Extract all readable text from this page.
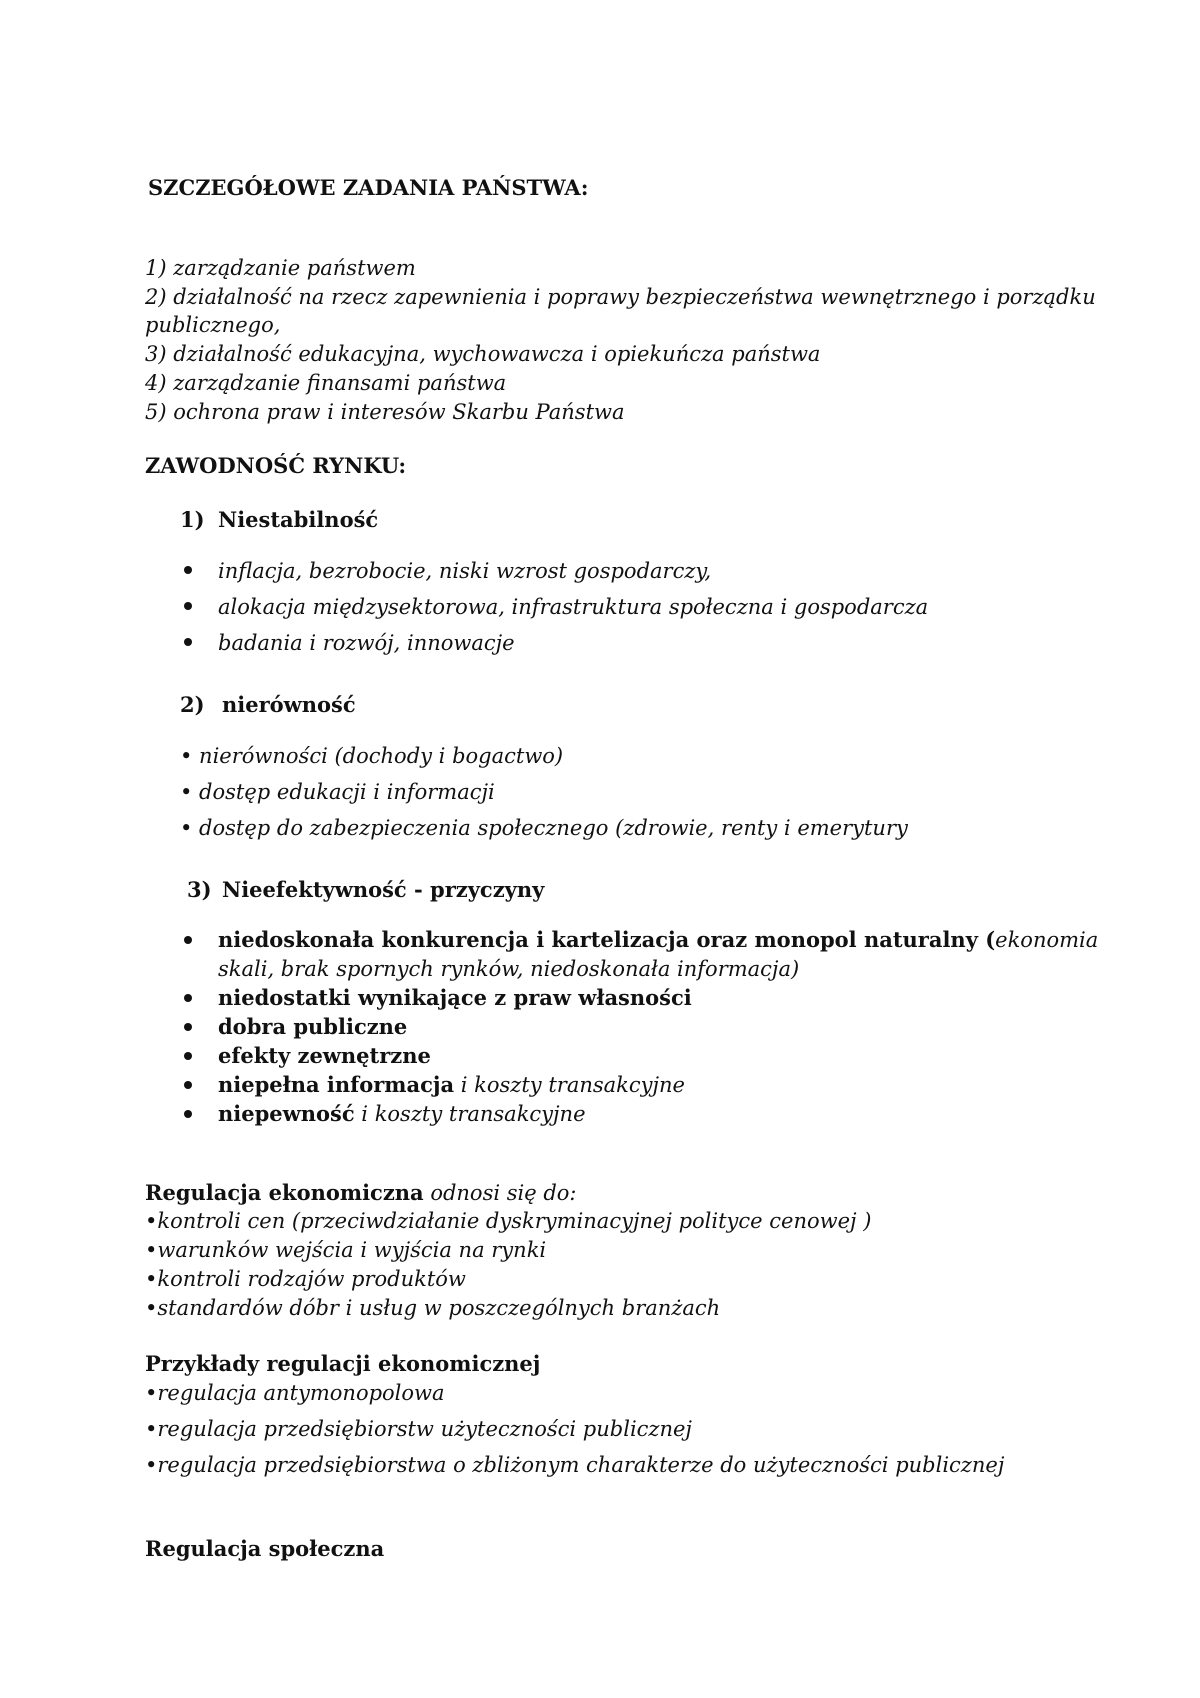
SZCZEGÓŁOWE ZADANIA PAŃSTWA:
1) zarządzanie państwem
2) działalność na rzecz zapewnienia i poprawy bezpieczeństwa wewnętrznego i porządku
publicznego,
3) działalność edukacyjna, wychowawcza i opiekuńcza państwa
4) zarządzanie finansami państwa
5) ochrona praw i interesów Skarbu Państwa
ZAWODNOŚĆ RYNKU:
1) Niestabilność
inflacja, bezrobocie, niski wzrost gospodarczy,
alokacja międzysektorowa, infrastruktura społeczna i gospodarcza
badania i rozwój, innowacje
2) nierówność
• nierówności (dochody i bogactwo)
• dostęp edukacji i informacji
• dostęp do zabezpieczenia społecznego (zdrowie, renty i emerytury
3) Nieefektywność - przyczyny
niedoskonała konkurencja i kartelizacja oraz monopol naturalny (ekonomia
skali, brak spornych rynków, niedoskonała informacja)
niedostatki wynikające z praw własności
dobra publiczne
efekty zewnętrzne
niepełna informacja i koszty transakcyjne
niepewność i koszty transakcyjne
Regulacja ekonomiczna odnosi się do:
•kontroli cen (przeciwdziałanie dyskryminacyjnej polityce cenowej )
•warunków wejścia i wyjścia na rynki
•kontroli rodzajów produktów
•standardów dóbr i usług w poszczególnych branżach
Przykłady regulacji ekonomicznej
•regulacja antymonopolowa
•regulacja przedsiębiorstw użyteczności publicznej
•regulacja przedsiębiorstwa o zbliżonym charakterze do użyteczności publicznej
Regulacja społeczna
